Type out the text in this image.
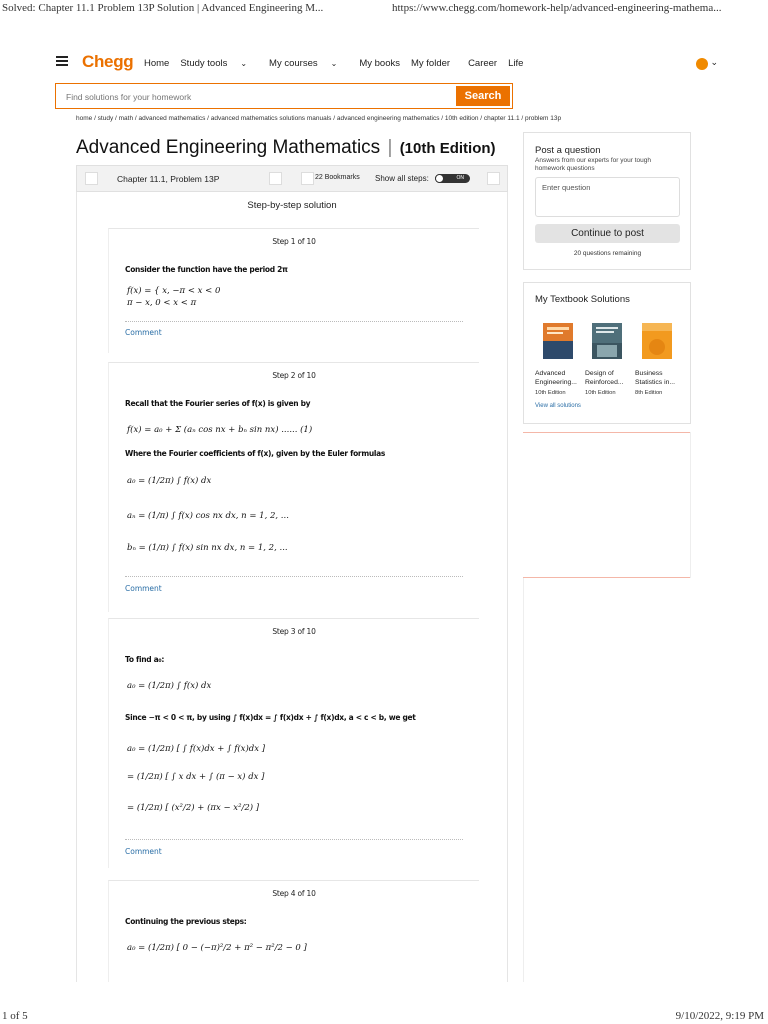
Solved: Chapter 11.1 Problem 13P Solution | Advanced Engineering M...	https://www.chegg.com/homework-help/advanced-engineering-mathema...
Chegg Home Study tools ⌄ My courses ⌄ My books My folder Career Life	⌄
Find solutions for your homework
Search
home / study / math / advanced mathematics / advanced mathematics solutions manuals / advanced engineering mathematics / 10th edition / chapter 11.1 / problem 13p
Advanced Engineering Mathematics | (10th Edition)
Chapter 11.1, Problem 13P	22 Bookmarks Show all steps:	ON
Step-by-step solution
Step 1 of 10
Consider the function have the period 2π
f(x) = { x, −π < x < 0
π − x, 0 < x < π
Comment
Step 2 of 10
Recall that the Fourier series of f(x) is given by
f(x) = a₀ + Σ (aₙ cos nx + bₙ sin nx) ...... (1)
Where the Fourier coefficients of f(x), given by the Euler formulas
a₀ = (1/2π) ∫ f(x) dx
aₙ = (1/π) ∫ f(x) cos nx dx, n = 1, 2, ...
bₙ = (1/π) ∫ f(x) sin nx dx, n = 1, 2, ...
Comment
Step 3 of 10
To find a₀:
a₀ = (1/2π) ∫ f(x) dx
Since −π < 0 < π, by using ∫ f(x)dx = ∫ f(x)dx + ∫ f(x)dx, a < c < b, we get
a₀ = (1/2π) [ ∫ f(x)dx + ∫ f(x)dx ]
= (1/2π) [ ∫ x dx + ∫ (π − x) dx ]
= (1/2π) [ (x²/2) + (πx − x²/2) ]
Comment
Step 4 of 10
Continuing the previous steps:
a₀ = (1/2π) [ 0 − (−π)²/2 + π² − π²/2 − 0 ]
Post a question
Answers from our experts for your tough homework questions
Enter question
Continue to post
20 questions remaining
My Textbook Solutions
Advanced Engineering...
10th Edition
Design of Reinforced...
10th Edition
Business Statistics in...
8th Edition
View all solutions
1 of 5	9/10/2022, 9:19 PM
